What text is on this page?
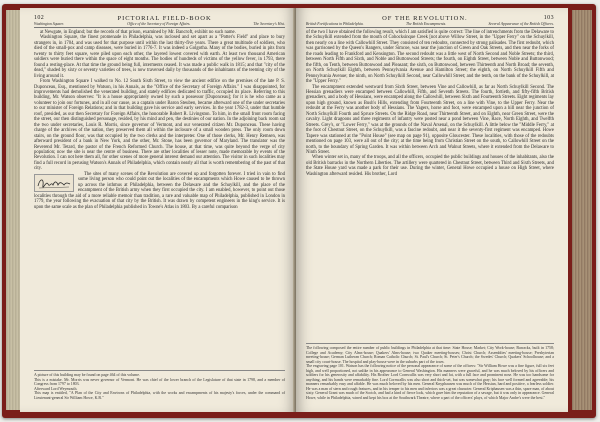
102	PICTORIAL FIELD-BOOK
Washington Square.	Office of the Secretary of Foreign Affairs.	The Secretary's Hist.

at Newgate, in England; but the records of that prison, examined by Mr. Bancroft, exhibit no such name.

Washington Square, the finest promenade in Philadelphia, was inclosed and set apart as a "Potter's Field" and place to bury strangers in, in 1704, and was used for that purpose until within the last thirty-five years. There a great multitude of soldiers, who died of the small-pox and camp diseases, were buried in 1776-7. It was indeed a Golgotha. Many of the bodies, buried in pits from twenty to thirty feet square, were piled upon each other, the layered lowest covered with earth. At least two thousand American soldiers were buried there within the space of eight months. The bodies of hundreds of victims of the yellow fever, in 1793, there found a resting-place. At that time the ground being full, interments ceased. It was made a public walk in 1815; and that "city of the dead," shaded by sixty or seventy varieties of trees, is now traversed daily by thousands of the inhabitants of the teeming city of the living around it.

From Washington Square I walked to No. 12 South Sixth Street, to view the ancient edifice on the premises of the late P. S. Duponceau, Esq., mentioned by Watson, in his Annals, as the "Office of the Secretary of Foreign Affairs." I was disappointed, for improvements had demolished the venerated building, and stately edifices dedicated to traffic, occupied its place. Referring to this building, Mr. Watson observes: "It is a house appropriately owned by such a possessor [Duponceau]; for it is he who came as a volunteer to join our fortunes, and in all our cause, as a captain under Baron Steuben, became afterward one of the under secretaries to our minister of Foreign Relations; and in that building gave his service and early services. In the year 1782-3, under that humble roof, presided, as our then Secretary for Foreign Affairs, the honorable Robert R. Livingston. To him, in the small front room facing the street, our then distinguished personage, resided, by his mind and pen, the destinies of our nation. In the adjoining back room sat the two under secretaries, Louis R. Morris, since governor of Vermont, and our venerated citizen Mr. Duponceau. These having charge of the archives of the nation, they preserved them all within the inclosure of a small wooden press. The only room down stairs, on the ground floor, was that occupied by the two clerks and the interpreter. One of those clerks, Mr. Henry Remsen, was afterward president of a bank in New York, and the other, Mr. Stone, has been governor of Maryland. The translator was the Reverend Mr. Tetard, the pastor of the French Reformed Church. The house, at that time, was quite beyond the verge of city population; now the site is near the centre of business. There are other localities of lesser note, made memorable by events of the Revolution. I can not here them all, for other scenes of more general interest demand our attention. The visitor in such localities may find a full record in perusing Watson's Annals of Philadelphia, which contain nearly all that is worth remembering of the past of that city.

The sites of many scenes of the Revolution are covered up and forgotten forever. I tried in vain to find some living person who could point out the localities of the encampments which Howe caused to be thrown up across the isthmus at Philadelphia, between the Delaware and the Schuylkill, and the place of the encampment of the British army when they first occupied the city. I am enabled, however, to point out those localities through the aid of a more reliable memoir than tradition, a rare and valuable map of Philadelphia, published in London in 1779, the year following the evacuation of that city by the British. It was drawn by competent engineers in the king's service. It is upon the same scale as the plan of Philadelphia published in Towne's Atlas in 1803. By a careful comparison

A picture of this building may be found on page 464 of this volume.
This is a mistake. Mr. Morris was never governor of Vermont. He was chief of the lower branch of the Legislature of that state in 1798, and a member of Congress from 1797 to 1803.
Afterward Lord Weymouth.
This map is entitled, "A Plan of the City and Environs of Philadelphia, with the works and encampments of his majesty's forces, under the command of Lieutenant-general Sir William Howe, K.B."
OF THE REVOLUTION.	103
British Fortifications in Philadelphia.	The British Encampments.	Several Appearance of the British Officers.

of the two I have obtained the following result, which I am satisfied is quite correct: The line of intrenchments from the Delaware to the Schuylkill extended from the mouth of Cohocksinque Creek [not above Willow Street, in the "Upper Ferry" on the Schuylkill, then nearly on a line with Callowhill Street. They consisted of ten redoubts, connected by strong palisades. The first redoubt, which was garrisoned by the Queen's Rangers, under Simcoe, was near the junction of Green and Oak Streets, and then near the forks of the roads leading to Frankford and Kensington. The second redoubt was a little west of North Second and Noble Streets; the third, between North Fifth and Sixth, and Noble and Buttonwood Streets; the fourth, on Eighth Street, between Noble and Buttonwood; the fifth, on Tenth, between Buttonwood and Pleasant; the sixth, on Buttonwood, between Thirteenth and North Broad; the seventh, on North Schuylkill Eighth, between Pennsylvania Avenue and Hamilton Street; the eighth, on North Schuylkill Fifth and Pennsylvania Avenue; the ninth, on North Schuylkill Second, near Callowhill Street; and the tenth, on the bank of the Schuylkill, at the "Upper Ferry."

The encampment extended westward from Sixth Street, between Vine and Callowhill, as far as North Schuylkill Second. The Hessian grenadiers were encamped between Callowhill, Fifth, and Seventh Streets. The fourth, fortieth, and fifty-fifth British grenadiers, and a body of Hessians, were encamped along the Callowhill, between Sixth and Fourteenth Streets. Eight regiments lay upon high ground, known as Bush's Hills, extending from Fourteenth Street, on a line with Vine, to the Upper Ferry. Near the redoubt at the Ferry was another body of Hessians. The Yagers, horse and foot, were encamped upon a hill near the junction of North Schuylkill Fourth and Spruce Streets. On the Ridge Road, near Thirteenth Street, and on Eighth, near Green Street, were the cavalry. Light dragoons and three regiments of infantry were posted near a pond between Vine, Race, North Eighth, and Twelfth Streets. Grey's, or "Lower Ferry," was at the grounds of the Naval Arsenal, on the Schuylkill. A little below the "Middle Ferry," at the foot of Chestnut Street, on the Schuylkill, was a fascine redoubt, and near it the seventy-first regiment was encamped. Howe Tapere was stationed at the "Point House" (see map on page 91), opposite Gloucester. These localities, with those of the redoubts mentioned on page 103, were all out of the city; at the time being from Christian Street on the south, to Callowhill Street on the north, to the boundary of Spring Garden. It was within between Arch and Walnut Streets, where it extended from the Delaware to Ninth Street.

When winter set in, many of the troops, and all the officers, occupied the public buildings and houses of the inhabitants, also the old British barracks in the Northern Liberties. The artillery were quartered in Chestnut Street, between Third and Sixth Streets, and the State House yard was made a park for their use. During the winter, General Howe occupied a house on High Street, where Washington afterward resided. His brother, Lord

The following composed the entire number of public buildings in Philadelphia at that time: State House; Market; City Work-house; Barracks, built in 1758; College and Academy; City Alms-house; Quakers' Alms-house; two Quaker meeting-houses; Christ Church; Assemblies' meeting-house; Presbyterian meeting-house; German Lutheran Church; Roman Catholic Church; St. Paul's Church; St. Peter's Church; the Swedes' Church; Quakers' Schoolhouse; and a small city court-house. The hospital and play-house were in the suburbs part of the town.
The engraving page 101. Watson has the following notice of the personal appearance of some of the officers: "Sir William Howe was a fine figure, full six feet high, and well proportioned, not unlike in his appearance to General Washington. His manners were graceful, and he was much beloved by his officers and soldiers for his generosity and affability. His Brother Lord Cornwallis was very short and fat, with a full face and prominent nose. He was too handsome for anything, and his hands were remarkably fine. Lord Cornwallis was also short and thick-set, but was somewhat gray; his face well formed and agreeable; his manners remarkably easy and affable. He was much beloved by his men. General Knyphausen was much of the Hessian, hard and positive, a fearless soldier. He was a man of stern and rough features, and in his temper to his men and inferiors was a great character. General Kriphausen was a thin, spare man, of about sixty. General Grant was much of the Scotch, and had a kind of fierce look, which gave him the reputation of a savage, but it was only in appearance. General Howe, while in Philadelphia, wined and kept his box at the Southwark Theatre, where a part of the officers' plays, of which Major Andre's were the best."
